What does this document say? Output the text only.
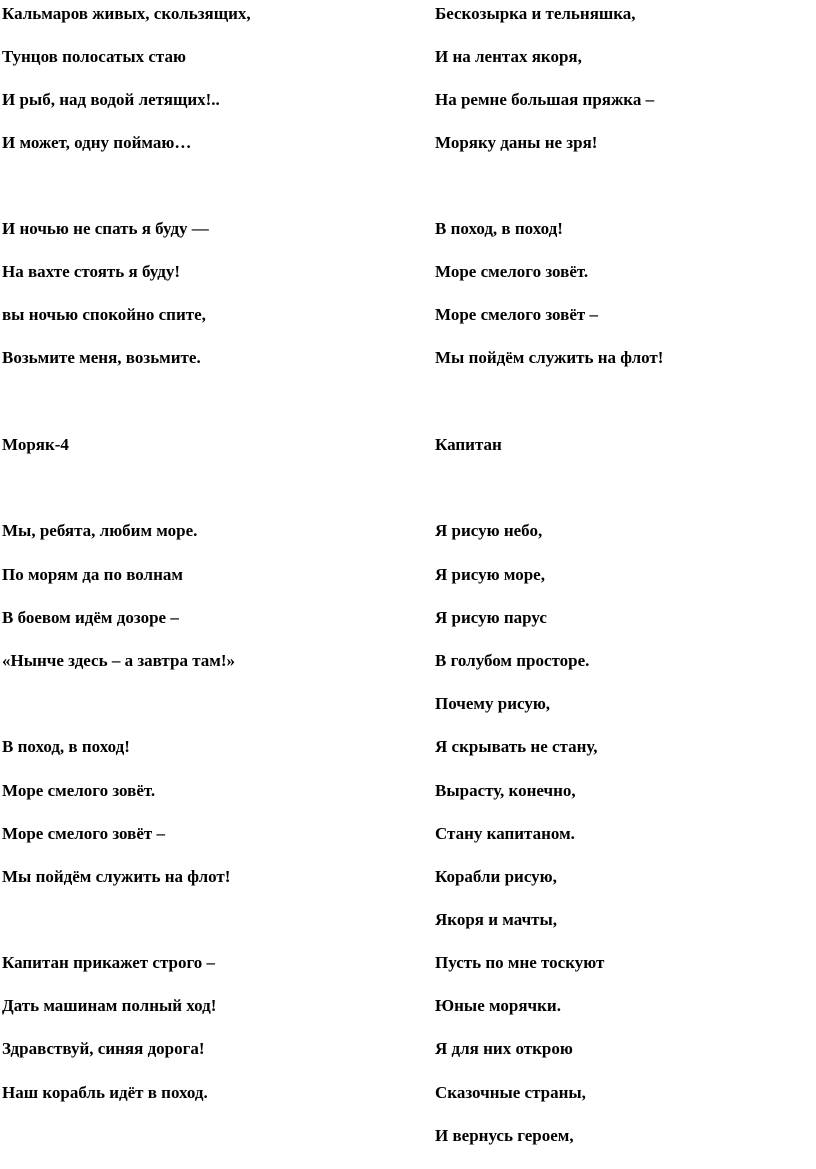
Кальмаров живых, скользящих,
Тунцов полосатых стаю
И рыб, над водой летящих!..
И может, одну поймаю…
И ночью не спать я буду —
На вахте стоять я буду!
вы ночью спокойно спите,
Возьмите меня, возьмите.
Моряк-4
Мы, ребята, любим море.
По морям да по волнам
В боевом идём дозоре –
«Нынче здесь – а завтра там!»
В поход, в поход!
Море смелого зовёт.
Море смелого зовёт –
Мы пойдём служить на флот!
Капитан прикажет строго –
Дать машинам полный ход!
Здравствуй, синяя дорога!
Наш корабль идёт в поход.
Бескозырка и тельняшка,
И на лентах якоря,
На ремне большая пряжка –
Моряку даны не зря!
В поход, в поход!
Море смелого зовёт.
Море смелого зовёт –
Мы пойдём служить на флот!
Капитан
Я рисую небо,
Я рисую море,
Я рисую парус
В голубом просторе.
Почему рисую,
Я скрывать не стану,
Вырасту, конечно,
Стану капитаном.
Корабли рисую,
Якоря и мачты,
Пусть по мне тоскуют
Юные морячки.
Я для них открою
Сказочные страны,
И вернусь героем,
